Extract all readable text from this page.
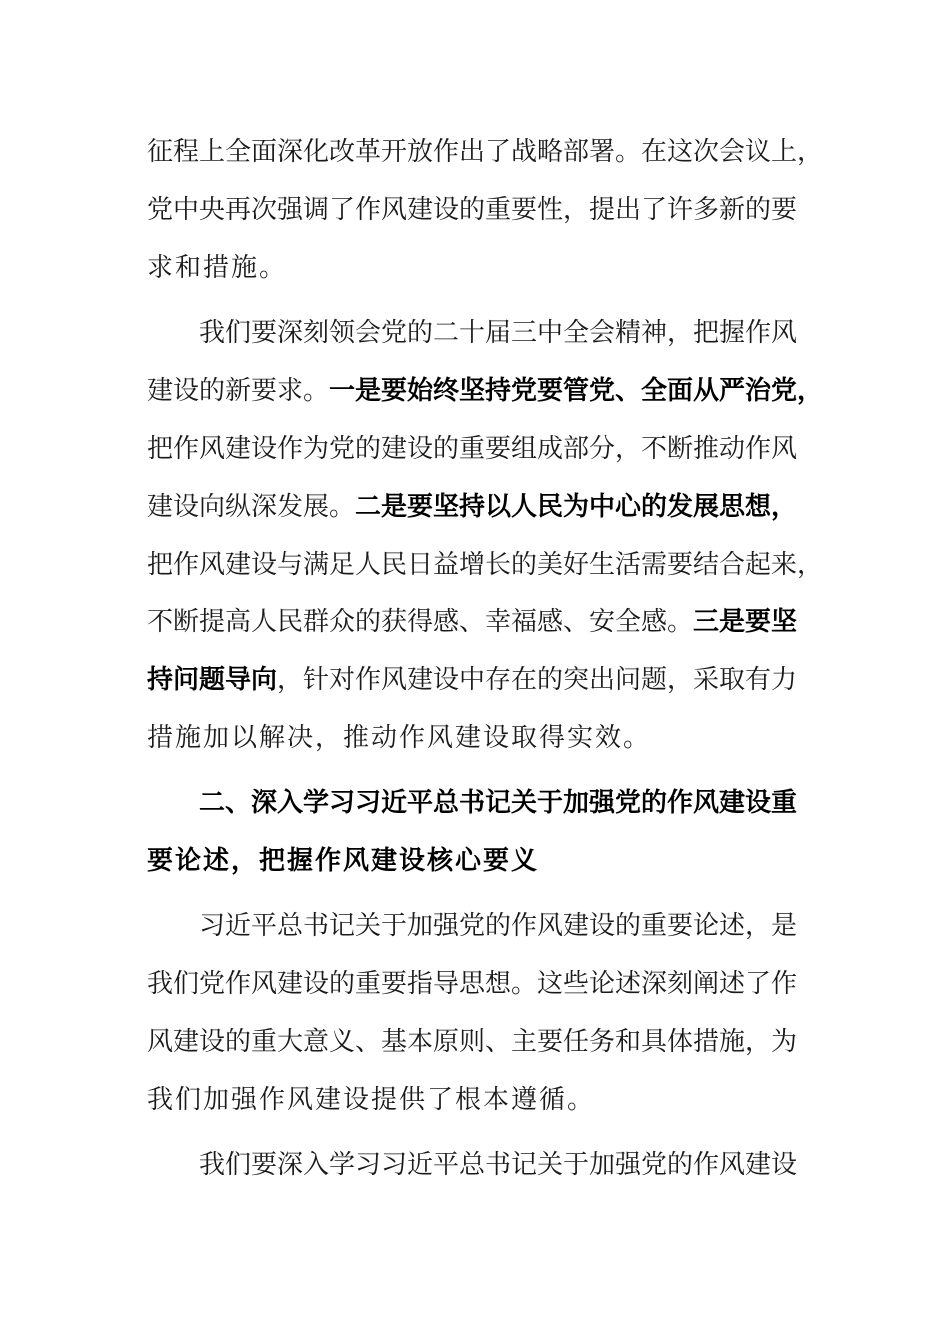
征程上全面深化改革开放作出了战略部署。在这次会议上，
党中央再次强调了作风建设的重要性，提出了许多新的要
求和措施。
我们要深刻领会党的二十届三中全会精神，把握作风
建设的新要求。一是要始终坚持党要管党、全面从严治党，
把作风建设作为党的建设的重要组成部分，不断推动作风
建设向纵深发展。二是要坚持以人民为中心的发展思想，
把作风建设与满足人民日益增长的美好生活需要结合起来，
不断提高人民群众的获得感、幸福感、安全感。三是要坚
持问题导向，针对作风建设中存在的突出问题，采取有力
措施加以解决，推动作风建设取得实效。
二、深入学习习近平总书记关于加强党的作风建设重
要论述，把握作风建设核心要义
习近平总书记关于加强党的作风建设的重要论述，是
我们党作风建设的重要指导思想。这些论述深刻阐述了作
风建设的重大意义、基本原则、主要任务和具体措施，为
我们加强作风建设提供了根本遵循。
我们要深入学习习近平总书记关于加强党的作风建设
